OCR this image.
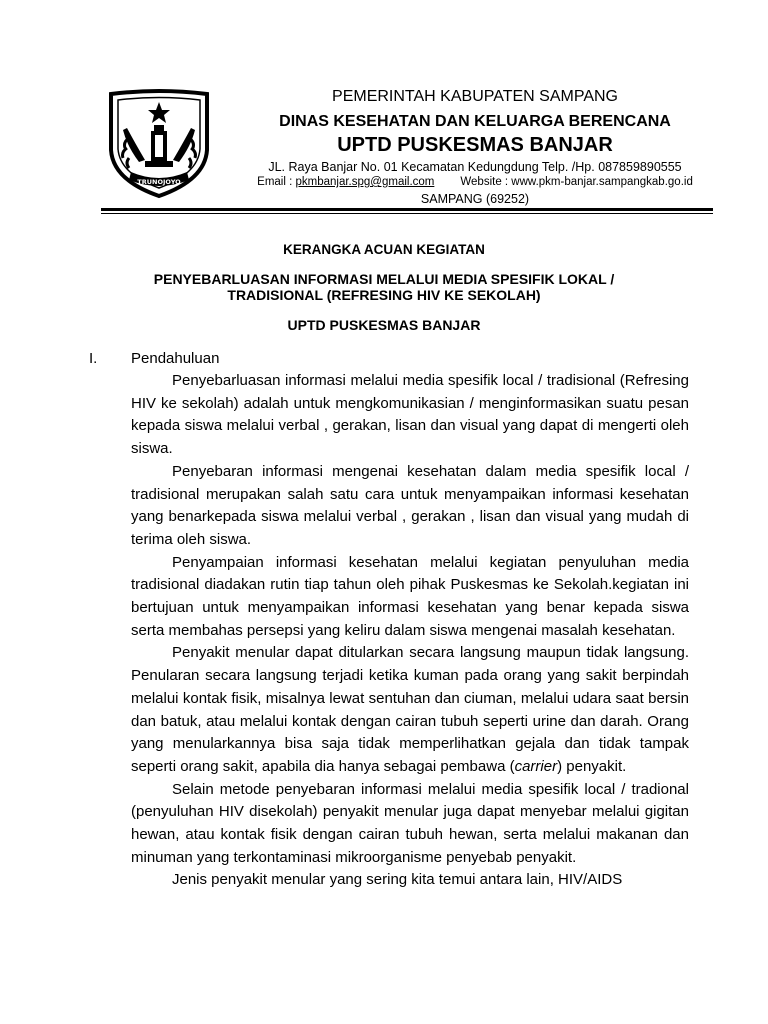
TRUNOJOYO
PEMERINTAH KABUPATEN SAMPANG
DINAS KESEHATAN DAN KELUARGA BERENCANA
UPTD PUSKESMAS BANJAR
JL. Raya Banjar No. 01 Kecamatan Kedungdung Telp. /Hp. 087859890555
Email : pkmbanjar.spg@gmail.com Website : www.pkm-banjar.sampangkab.go.id
SAMPANG (69252)
KERANGKA ACUAN KEGIATAN
PENYEBARLUASAN INFORMASI MELALUI MEDIA SPESIFIK LOKAL /
TRADISIONAL (REFRESING HIV KE SEKOLAH)
UPTD PUSKESMAS BANJAR
I. Pendahuluan

Penyebarluasan informasi melalui media spesifik local / tradisional (Refresing HIV ke sekolah) adalah untuk mengkomunikasian / menginformasikan suatu pesan kepada siswa melalui verbal , gerakan, lisan dan visual yang dapat di mengerti oleh siswa.

Penyebaran informasi mengenai kesehatan dalam media spesifik local / tradisional merupakan salah satu cara untuk menyampaikan informasi kesehatan yang benarkepada siswa melalui verbal , gerakan , lisan dan visual yang mudah di terima oleh siswa.

Penyampaian informasi kesehatan melalui kegiatan penyuluhan media tradisional diadakan rutin tiap tahun oleh pihak Puskesmas ke Sekolah.kegiatan ini bertujuan untuk menyampaikan informasi kesehatan yang benar kepada siswa serta membahas persepsi yang keliru dalam siswa mengenai masalah kesehatan.

Penyakit menular dapat ditularkan secara langsung maupun tidak langsung. Penularan secara langsung terjadi ketika kuman pada orang yang sakit berpindah melalui kontak fisik, misalnya lewat sentuhan dan ciuman, melalui udara saat bersin dan batuk, atau melalui kontak dengan cairan tubuh seperti urine dan darah. Orang yang menularkannya bisa saja tidak memperlihatkan gejala dan tidak tampak seperti orang sakit, apabila dia hanya sebagai pembawa (carrier) penyakit.

Selain metode penyebaran informasi melalui media spesifik local / tradional (penyuluhan HIV disekolah) penyakit menular juga dapat menyebar melalui gigitan hewan, atau kontak fisik dengan cairan tubuh hewan, serta melalui makanan dan minuman yang terkontaminasi mikroorganisme penyebab penyakit.

Jenis penyakit menular yang sering kita temui antara lain, HIV/AIDS
